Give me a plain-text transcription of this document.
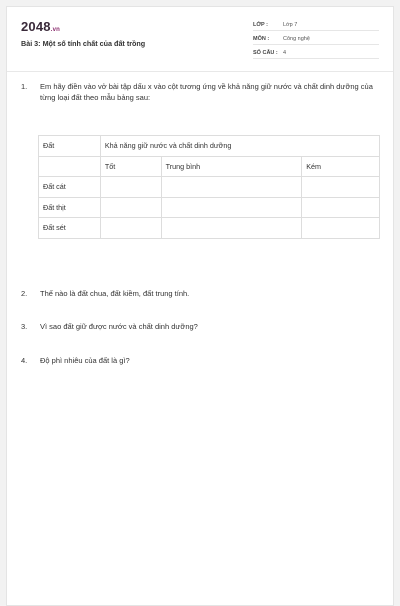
2048.vn
Bài 3: Một số tính chất của đất trồng
LỚP :	Lớp 7
MÔN :	Công nghệ
SỐ CÂU : 4
1.	Em hãy điền vào vở bài tập dấu x vào cột tương ứng về khả năng giữ nước và chất dinh dưỡng của từng loại đất theo mẫu bảng sau:
Đất	Khả năng giữ nước và chất dinh dưỡng		
	Tốt	Trung bình	Kém
Đất cát			
Đất thịt			
Đất sét			
2.	Thế nào là đất chua, đất kiềm, đất trung tính.
3.	Vì sao đất giữ được nước và chất dinh dưỡng?
4.	Độ phì nhiêu của đất là gì?
